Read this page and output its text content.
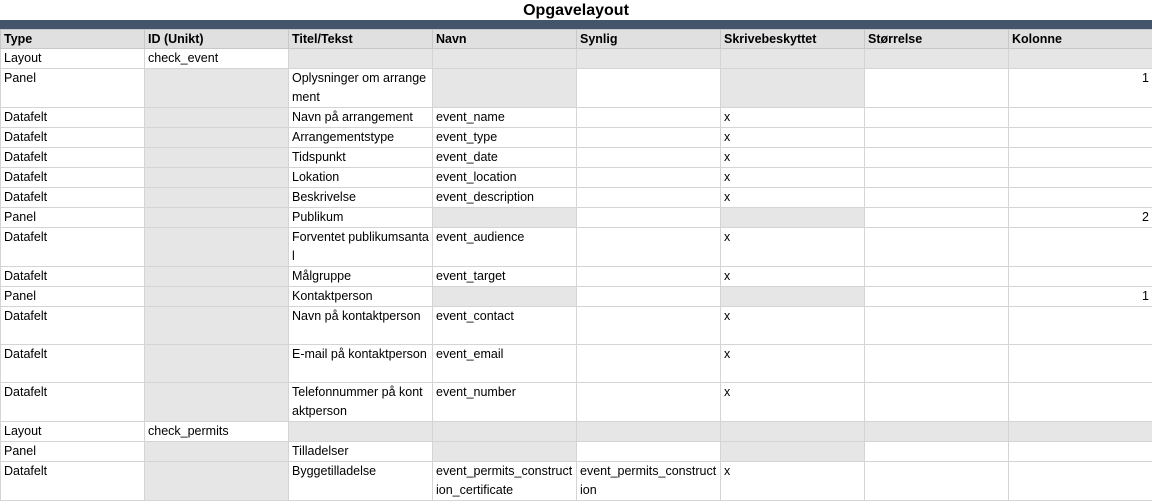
Opgavelayout
Type	ID (Unikt)	Titel/Tekst	Navn	Synlig	Skrivebeskyttet	Størrelse	Kolonne
Layout	check_event						
Panel		Oplysninger om arrangement					1
Datafelt		Navn på arrangement	event_name		x		
Datafelt		Arrangementstype	event_type		x		
Datafelt		Tidspunkt	event_date		x		
Datafelt		Lokation	event_location		x		
Datafelt		Beskrivelse	event_description		x		
Panel		Publikum					2
Datafelt		Forventet publikumsantal	event_audience		x		
Datafelt		Målgruppe	event_target		x		
Panel		Kontaktperson					1
Datafelt		Navn på kontaktperson	event_contact		x		
Datafelt		E-mail på kontaktperson	event_email		x		
Datafelt		Telefonnummer på kontaktperson	event_number		x		
Layout	check_permits						
Panel		Tilladelser					
Datafelt		Byggetilladelse	event_permits_construction_certificate	event_permits_construction	x		
